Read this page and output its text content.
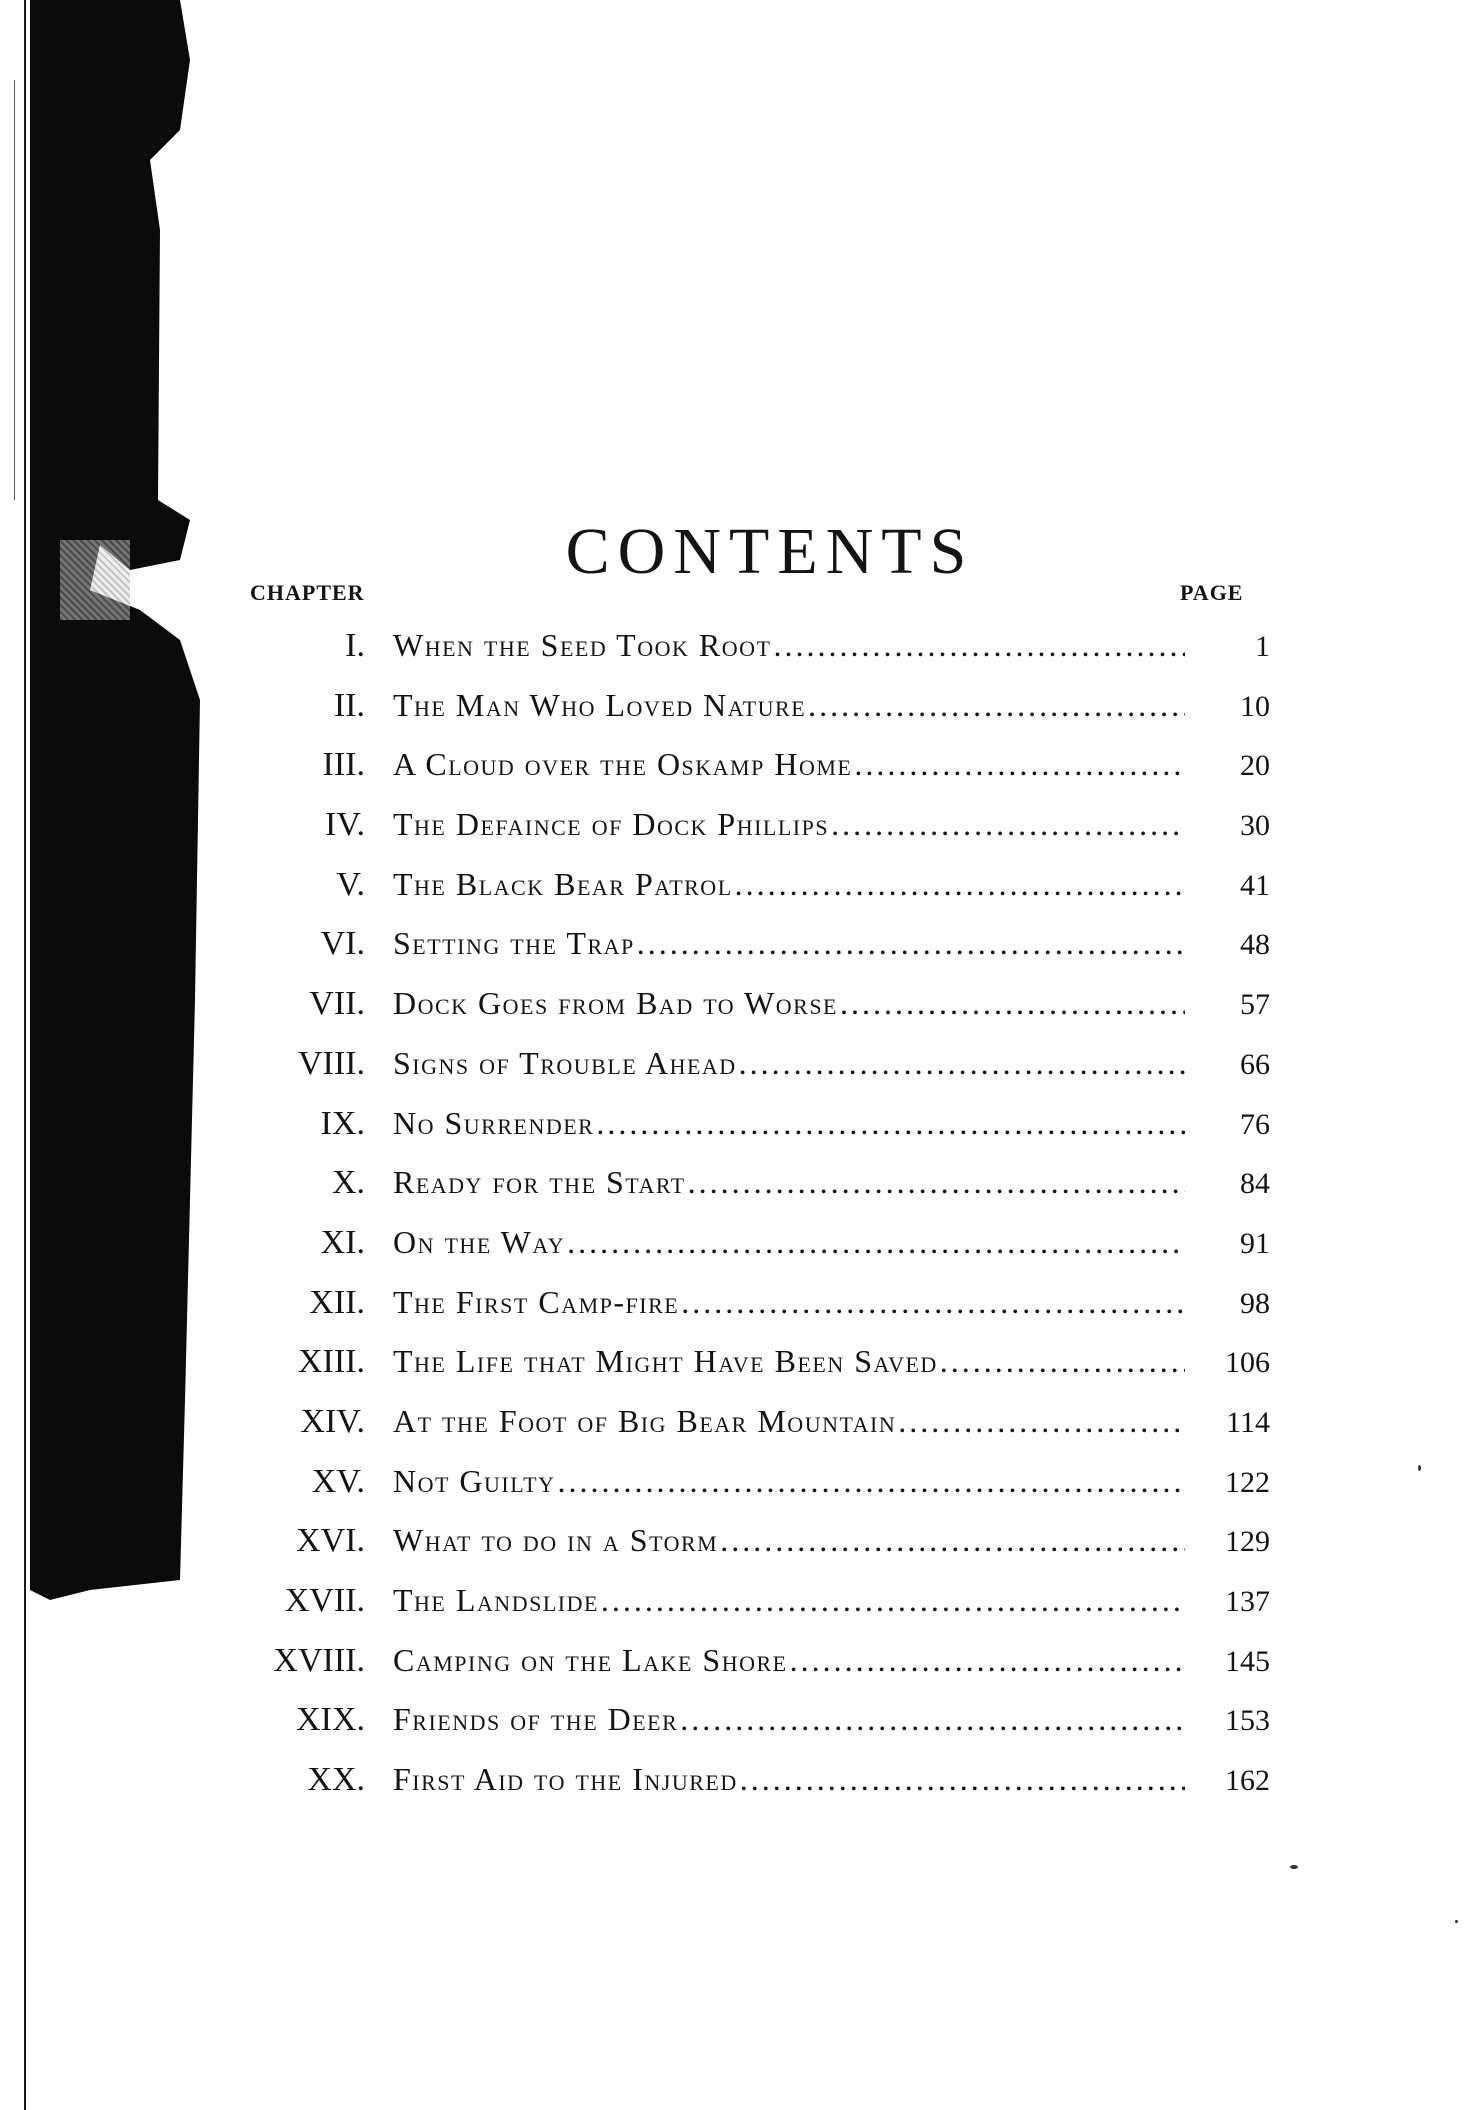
CONTENTS
CHAPTER	PAGE
I. When the Seed Took Root .....	1
II. The Man Who Loved Nature .....	10
III. A Cloud over the Oskamp Home .....	20
IV. The Defaince of Dock Phillips .....	30
V. The Black Bear Patrol .....	41
VI. Setting the Trap .....	48
VII. Dock Goes from Bad to Worse .....	57
VIII. Signs of Trouble Ahead .....	66
IX. No Surrender .....	76
X. Ready for the Start .....	84
XI. On the Way .....	91
XII. The First Camp-fire .....	98
XIII. The Life that Might Have Been Saved .....	106
XIV. At the Foot of Big Bear Mountain .....	114
XV. Not Guilty .....	122
XVI. What to do in a Storm .....	129
XVII. The Landslide .....	137
XVIII. Camping on the Lake Shore .....	145
XIX. Friends of the Deer .....	153
XX. First Aid to the Injured .....	162
